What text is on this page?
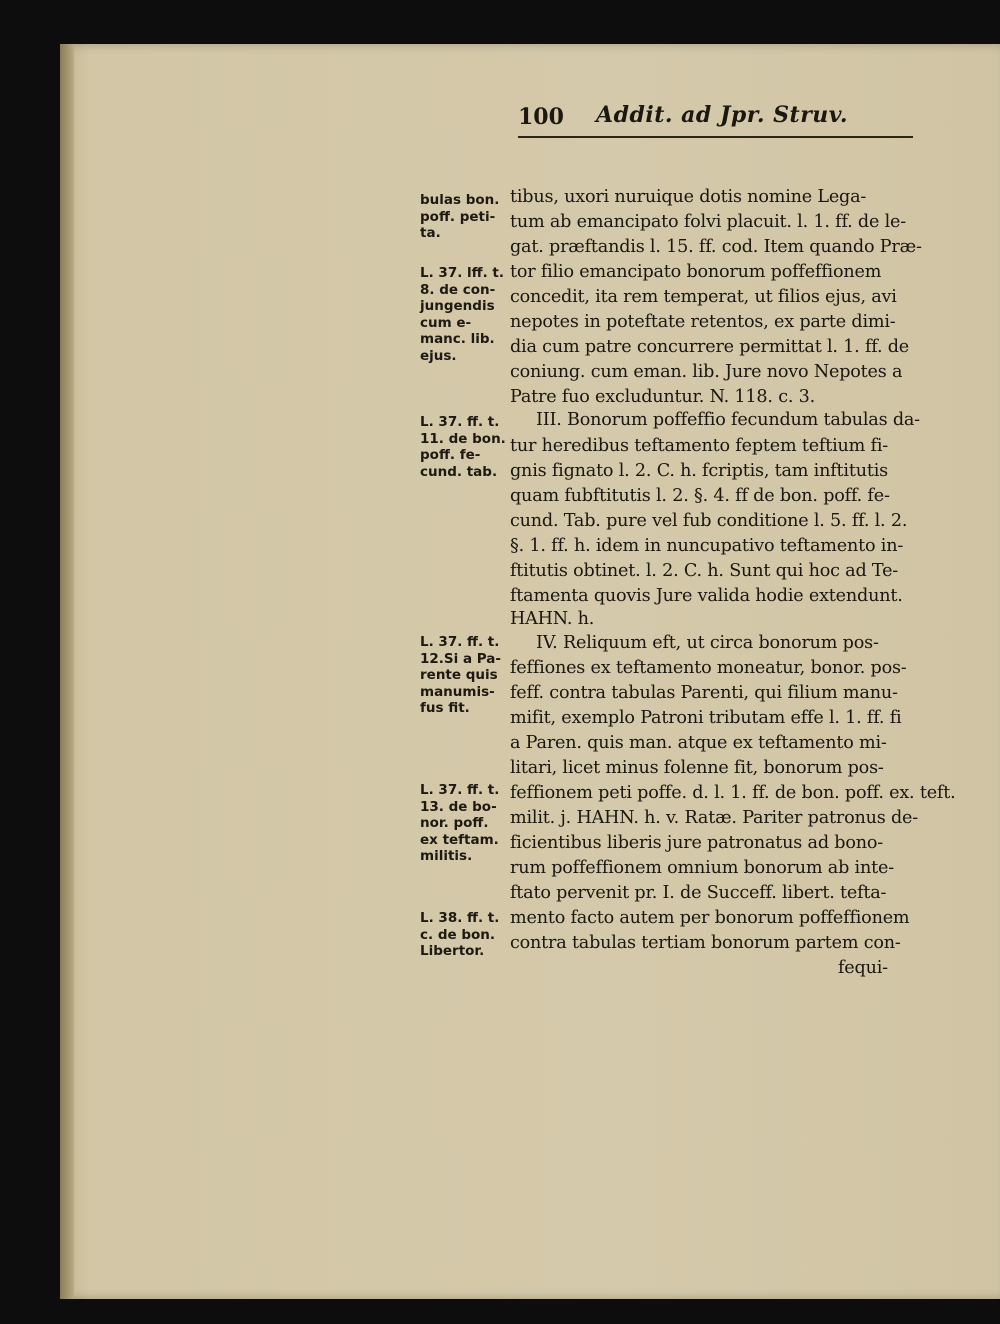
100 Addit. ad Jpr. Struv.
bulas bon.
poff. peti-
ta.
L. 37. lff. t.
8. de con-
jungendis
cum e-
manc. lib.
ejus.
L. 37. ff. t.
11. de bon.
poff. fe-
cund. tab.
L. 37. ff. t.
12.Si a Pa-
rente quis
manumis-
fus fit.
L. 37. ff. t.
13. de bo-
nor. poff.
ex teftam.
militis.
L. 38. ff. t.
c. de bon.
Libertor.
tibus, uxori nuruique dotis nomine Lega-
tum ab emancipato folvi placuit. l. 1. ff. de le-
gat. præftandis l. 15. ff. cod. Item quando Præ-
tor filio emancipato bonorum poffeffionem
concedit, ita rem temperat, ut filios ejus, avi
nepotes in poteftate retentos, ex parte dimi-
dia cum patre concurrere permittat l. 1. ff. de
coniung. cum eman. lib. Jure novo Nepotes a
Patre fuo excluduntur. N. 118. c. 3.
III. Bonorum poffeffio fecundum tabulas da-
tur heredibus teftamento feptem teftium fi-
gnis fignato l. 2. C. h. fcriptis, tam inftitutis
quam fubftitutis l. 2. §. 4. ff de bon. poff. fe-
cund. Tab. pure vel fub conditione l. 5. ff. l. 2.
§. 1. ff. h. idem in nuncupativo teftamento in-
ftitutis obtinet. l. 2. C. h. Sunt qui hoc ad Te-
ftamenta quovis Jure valida hodie extendunt.
HAHN. h.
IV. Reliquum eft, ut circa bonorum pos-
feffiones ex teftamento moneatur, bonor. pos-
feff. contra tabulas Parenti, qui filium manu-
mifit, exemplo Patroni tributam effe l. 1. ff. fi
a Paren. quis man. atque ex teftamento mi-
litari, licet minus folenne fit, bonorum pos-
feffionem peti poffe. d. l. 1. ff. de bon. poff. ex. teft.
milit. j. HAHN. h. v. Ratæ. Pariter patronus de-
ficientibus liberis jure patronatus ad bono-
rum poffeffionem omnium bonorum ab inte-
ftato pervenit pr. I. de Succeff. libert. tefta-
mento facto autem per bonorum poffeffionem
contra tabulas tertiam bonorum partem con-
fequi-
